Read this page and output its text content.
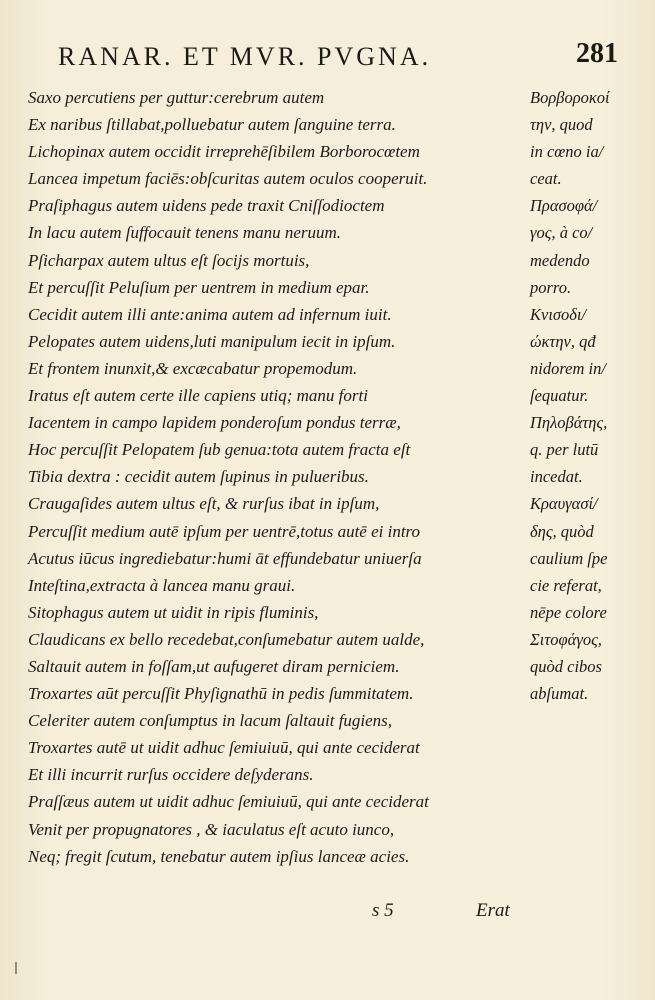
RANAR. ET MVR. PVGNA.	281
Saxo percutiens per guttur:cerebrum autem
Ex naribus ſtillabat,polluebatur autem ſanguine terra.
Lichopinax autem occidit irreprehēſibilem Borborocœtem
Lancea impetum faciēs:obſcuritas autem oculos cooperuit.
Praſiphagus autem uidens pede traxit Cniſſodioctem
In lacu autem ſuffocauit tenens manu neruum.
Pſicharpax autem ultus eſt ſocijs mortuis,
Et percuſſit Peluſium per uentrem in medium epar.
Cecidit autem illi ante:anima autem ad infernum iuit.
Pelopates autem uidens,luti manipulum iecit in ipſum.
Et frontem inunxit,& excæcabatur propemodum.
Iratus eſt autem certe ille capiens utiq; manu forti
Iacentem in campo lapidem ponderoſum pondus terræ,
Hoc percuſſit Pelopatem ſub genua:tota autem fracta eſt
Tibia dextra : cecidit autem ſupinus in pulueribus.
Craugaſides autem ultus eſt, & rurſus ibat in ipſum,
Percuſſit medium autē ipſum per uentrē,totus autē ei intro
Acutus iūcus ingrediebatur:humi āt effundebatur uniuerſa
Inteſtina,extracta à lancea manu graui.
Sitophagus autem ut uidit in ripis fluminis,
Claudicans ex bello recedebat,conſumebatur autem ualde,
Saltauit autem in foſſam,ut aufugeret diram perniciem.
Troxartes aūt percuſſit Phyſignathū in pedis ſummitatem.
Celeriter autem conſumptus in lacum ſaltauit fugiens,
Troxartes autē ut uidit adhuc ſemiuiuū, qui ante ceciderat
Et illi incurrit rurſus occidere deſyderans.
Praſſæus autem ut uidit adhuc ſemiuiuū, qui ante ceciderat
Venit per propugnatores , & iaculatus eſt acuto iunco,
Neq; fregit ſcutum, tenebatur autem ipſius lanceæ acies.
Βορβοροκοί
την, quod
in cœno ia/
ceat.
Πρασοφά/
γος, à co/
medendo
porro.
Κνισοδι/
ώκτην, qđ
nidorem in/
ſequatur.
Πηλοβάτης,
q. per lutū
incedat.
Κραυγασί/
δης, quòd
caulium ſpe
cie referat,
nēpe colore
Σιτοφάγος,
quòd cibos
abſumat.
s 5	Erat
